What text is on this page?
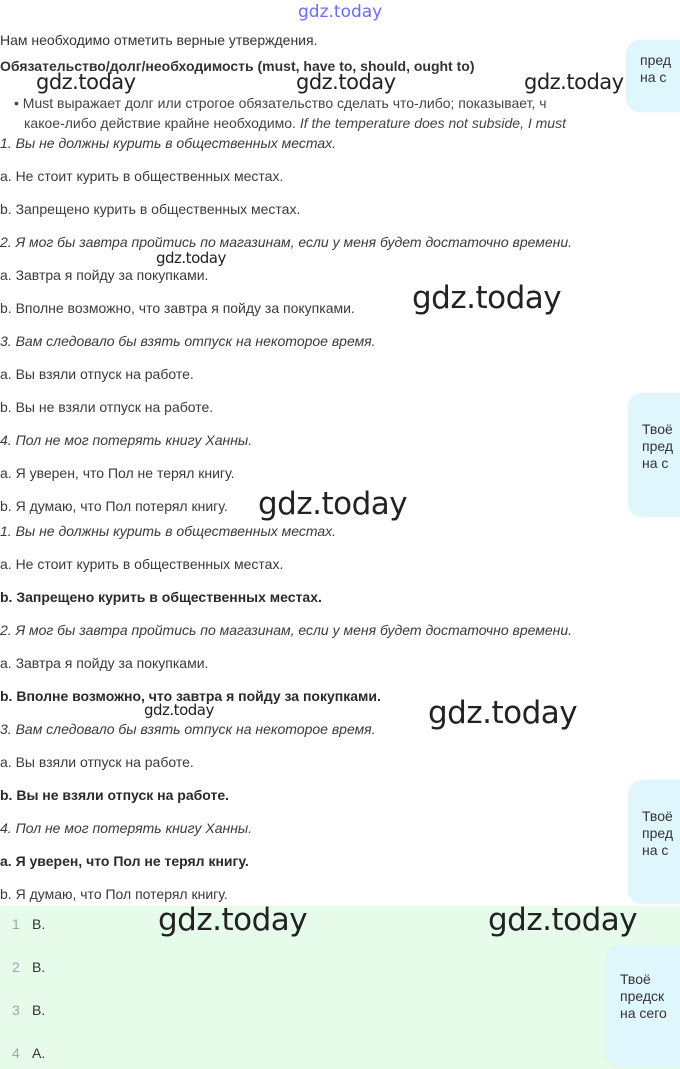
gdz.today
Нам необходимо отметить верные утверждения.
Обязательство/долг/необходимость (must, have to, should, ought to)
• Must выражает долг или строгое обязательство сделать что-либо; показывает, ч
какое-либо действие крайне необходимо. If the temperature does not subside, I must
1. Вы не должны курить в общественных местах.
a. Не стоит курить в общественных местах.
b. Запрещено курить в общественных местах.
2. Я мог бы завтра пройтись по магазинам, если у меня будет достаточно времени.
a. Завтра я пойду за покупками.
b. Вполне возможно, что завтра я пойду за покупками.
3. Вам следовало бы взять отпуск на некоторое время.
a. Вы взяли отпуск на работе.
b. Вы не взяли отпуск на работе.
4. Пол не мог потерять книгу Ханны.
a. Я уверен, что Пол не терял книгу.
b. Я думаю, что Пол потерял книгу.
1. Вы не должны курить в общественных местах.
a. Не стоит курить в общественных местах.
b. Запрещено курить в общественных местах.
2. Я мог бы завтра пройтись по магазинам, если у меня будет достаточно времени.
a. Завтра я пойду за покупками.
b. Вполне возможно, что завтра я пойду за покупками.
3. Вам следовало бы взять отпуск на некоторое время.
a. Вы взяли отпуск на работе.
b. Вы не взяли отпуск на работе.
4. Пол не мог потерять книгу Ханны.
a. Я уверен, что Пол не терял книгу.
b. Я думаю, что Пол потерял книгу.
1 B.
2 B.
3 B.
4 A.
пред
на с
Твоё
пред
на с
Твоё
пред
на с
Твоё
предск
на сего
gdz.today	gdz.today	gdz.today
gdz.today
gdz.today
gdz.today
gdz.today	gdz.today
gdz.today	gdz.today
